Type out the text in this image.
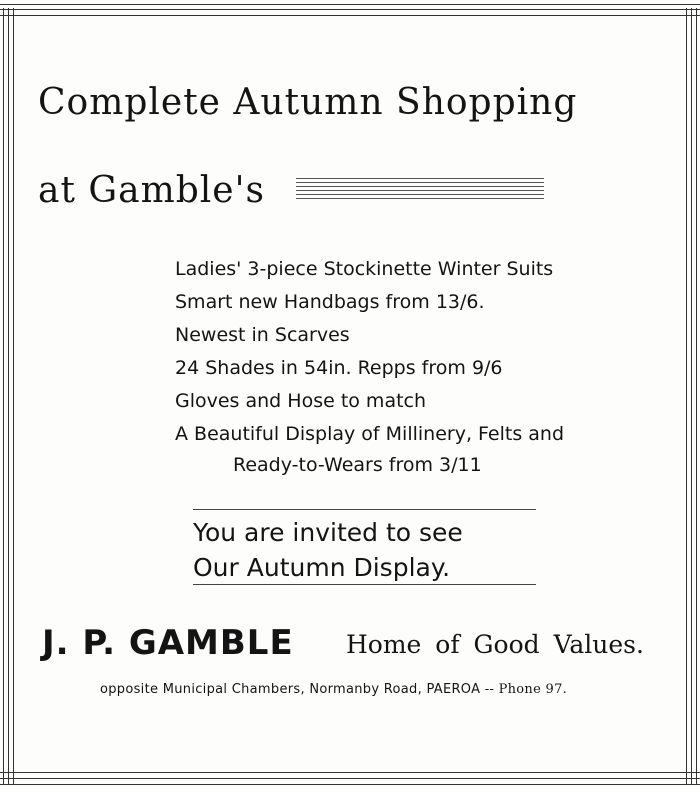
Complete Autumn Shopping
at Gamble's
Ladies' 3-piece Stockinette Winter Suits
Smart new Handbags from 13/6.
Newest in Scarves
24 Shades in 54in. Repps from 9/6
Gloves and Hose to match
A Beautiful Display of Millinery, Felts and
Ready-to-Wears from 3/11
You are invited to see
Our Autumn Display.
J. P. GAMBLE Home of Good Values.
opposite Municipal Chambers, Normanby Road, PAEROA -- Phone 97.
